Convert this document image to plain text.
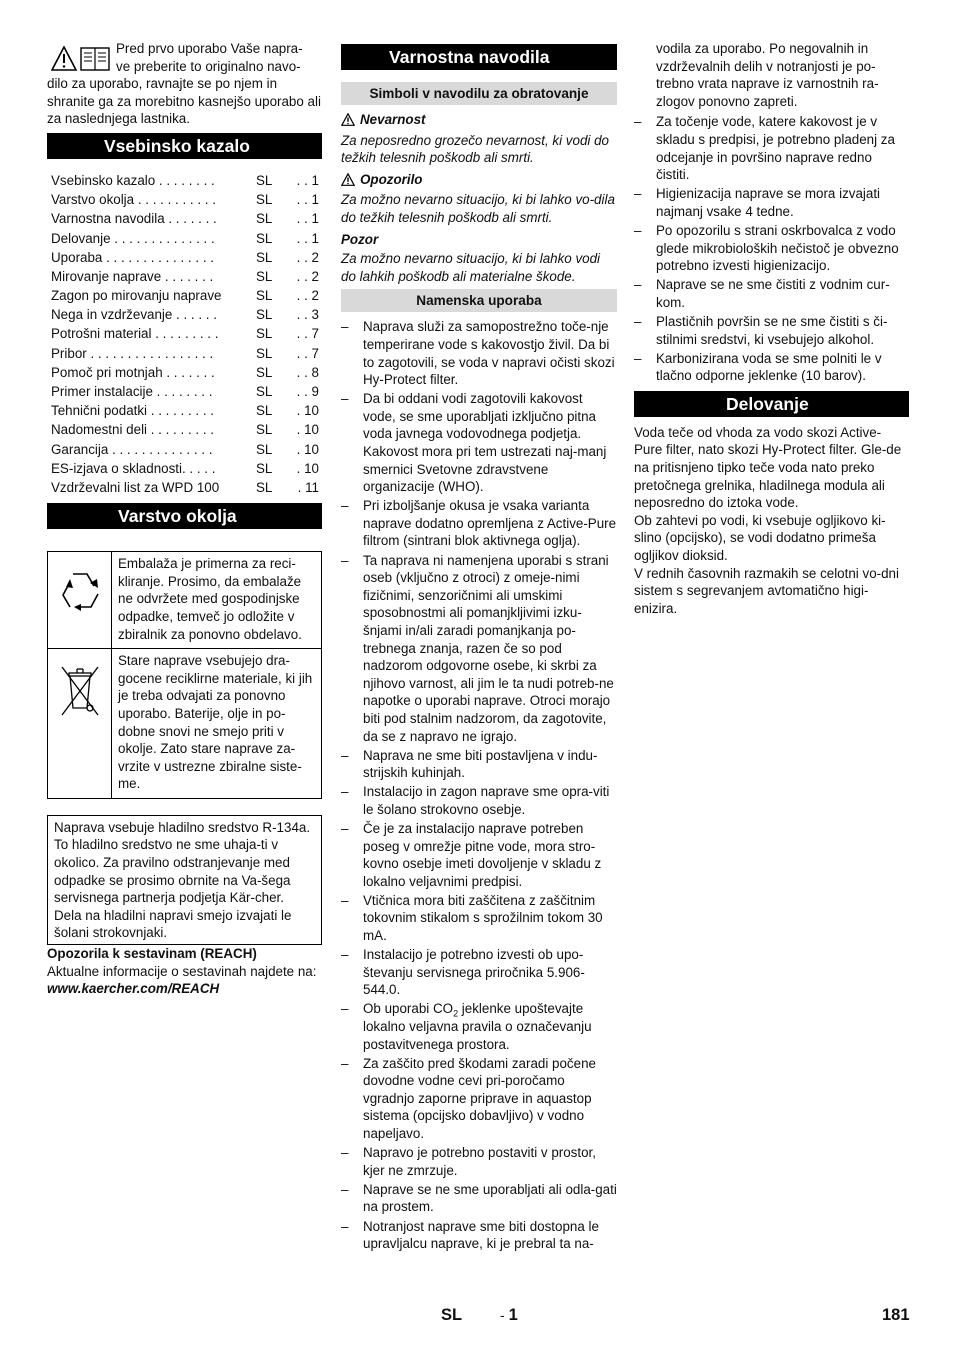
Pred prvo uporabo Vaše napra-

ve preberite to originalno navo-

dilo za uporabo, ravnajte se po njem in shranite ga za morebitno kasnejšo uporabo ali za naslednjega lastnika.

Vsebinsko kazalo
Vsebinsko kazalo . . . . . . . .	SL	. . 1
Varstvo okolja . . . . . . . . . . .	SL	. . 1
Varnostna navodila . . . . . . .	SL	. . 1
Delovanje . . . . . . . . . . . . . .	SL	. . 1
Uporaba . . . . . . . . . . . . . . .	SL	. . 2
Mirovanje naprave . . . . . . .	SL	. . 2
Zagon po mirovanju naprave	SL	. . 2
Nega in vzdrževanje . . . . . .	SL	. . 3
Potrošni material . . . . . . . . .	SL	. . 7
Pribor . . . . . . . . . . . . . . . . .	SL	. . 7
Pomoč pri motnjah . . . . . . .	SL	. . 8
Primer instalacije . . . . . . . .	SL	. . 9
Tehnični podatki . . . . . . . . .	SL	. 10
Nadomestni deli . . . . . . . . .	SL	. 10
Garancija . . . . . . . . . . . . . .	SL	. 10
ES-izjava o skladnosti. . . . .	SL	. 10
Vzdrževalni list za WPD 100	SL	. 11
Varstvo okolja
Embalaža je primerna za reci-kliranje. Prosimo, da embalaže ne odvržete med gospodinjske odpadke, temveč jo odložite v zbiralnik za ponovno obdelavo.
Stare naprave vsebujejo dra-gocene reciklirne materiale, ki jih je treba odvajati za ponovno uporabo. Baterije, olje in po-dobne snovi ne smejo priti v okolje. Zato stare naprave za-vrzite v ustrezne zbiralne siste-me.
Naprava vsebuje hladilno sredstvo R-134a. To hladilno sredstvo ne sme uhaja-ti v okolico. Za pravilno odstranjevanje med odpadke se prosimo obrnite na Va-šega servisnega partnerja podjetja Kär-cher. Dela na hladilni napravi smejo izvajati le šolani strokovnjaki.

Opozorila k sestavinam (REACH)

Aktualne informacije o sestavinah najdete na:

www.kaercher.com/REACH

Varnostna navodila
Simboli v navodilu za obratovanje
Nevarnost

Za neposredno grozečo nevarnost, ki vodi do težkih telesnih poškodb ali smrti.

Opozorilo

Za možno nevarno situacijo, ki bi lahko vo-dila do težkih telesnih poškodb ali smrti.

Pozor

Za možno nevarno situacijo, ki bi lahko vodi do lahkih poškodb ali materialne škode.

Namenska uporaba
– Naprava služi za samopostrežno toče-nje temperirane vode s kakovostjo živil. Da bi to zagotovili, se voda v napravi očisti skozi Hy-Protect filter.
– Da bi oddani vodi zagotovili kakovost vode, se sme uporabljati izključno pitna voda javnega vodovodnega podjetja. Kakovost mora pri tem ustrezati naj-manj smernici Svetovne zdravstvene organizacije (WHO).
– Pri izboljšanje okusa je vsaka varianta naprave dodatno opremljena z Active-Pure filtrom (sintrani blok aktivnega oglja).
– Ta naprava ni namenjena uporabi s strani oseb (vključno z otroci) z omeje-nimi fizičnimi, senzoričnimi ali umskimi sposobnostmi ali pomanjkljivimi izku-šnjami in/ali zaradi pomanjkanja po-trebnega znanja, razen če so pod nadzorom odgovorne osebe, ki skrbi za njihovo varnost, ali jim le ta nudi potreb-ne napotke o uporabi naprave. Otroci morajo biti pod stalnim nadzorom, da zagotovite, da se z napravo ne igrajo.
– Naprava ne sme biti postavljena v indu-strijskih kuhinjah.
– Instalacijo in zagon naprave sme opra-viti le šolano strokovno osebje.
– Če je za instalacijo naprave potreben poseg v omrežje pitne vode, mora stro-kovno osebje imeti dovoljenje v skladu z lokalno veljavnimi predpisi.
– Vtičnica mora biti zaščitena z zaščitnim tokovnim stikalom s sprožilnim tokom 30 mA.
– Instalacijo je potrebno izvesti ob upo-števanju servisnega priročnika 5.906-544.0.
– Ob uporabi $CO_2$ jeklenke upoštevajte lokalno veljavna pravila o označevanju postavitvenega prostora.
– Za zaščito pred škodami zaradi počene dovodne vodne cevi pri-poročamo vgradnjo zaporne priprave in aquastop sistema (opcijsko dobavljivo) v vodno napeljavo.
– Napravo je potrebno postaviti v prostor, kjer ne zmrzuje.
– Naprave se ne sme uporabljati ali odla-gati na prostem.
– Notranjost naprave sme biti dostopna le upravljalcu naprave, ki je prebral ta na-

vodila za uporabo. Po negovalnih in vzdrževalnih delih v notranjosti je po-trebno vrata naprave iz varnostnih ra-zlogov ponovno zapreti.

– Za točenje vode, katere kakovost je v skladu s predpisi, je potrebno pladenj za odcejanje in površino naprave redno čistiti.
– Higienizacija naprave se mora izvajati najmanj vsake 4 tedne.
– Po opozorilu s strani oskrbovalca z vodo glede mikrobioloških nečistoč je obvezno potrebno izvesti higienizacijo.
– Naprave se ne sme čistiti z vodnim cur-kom.
– Plastičnih površin se ne sme čistiti s či-stilnimi sredstvi, ki vsebujejo alkohol.
– Karbonizirana voda se sme polniti le v tlačno odporne jeklenke (10 barov).
Delovanje

Voda teče od vhoda za vodo skozi Active-Pure filter, nato skozi Hy-Protect filter. Gle-de na pritisnjeno tipko teče voda nato preko pretočnega grelnika, hladilnega modula ali neposredno do iztoka vode.

Ob zahtevi po vodi, ki vsebuje ogljikovo ki-slino (opcijsko), se vodi dodatno primeša ogljikov dioksid.

V rednih časovnih razmakih se celotni vo-dni sistem s segrevanjem avtomatično higi-enizira.

SL	- 1	181
